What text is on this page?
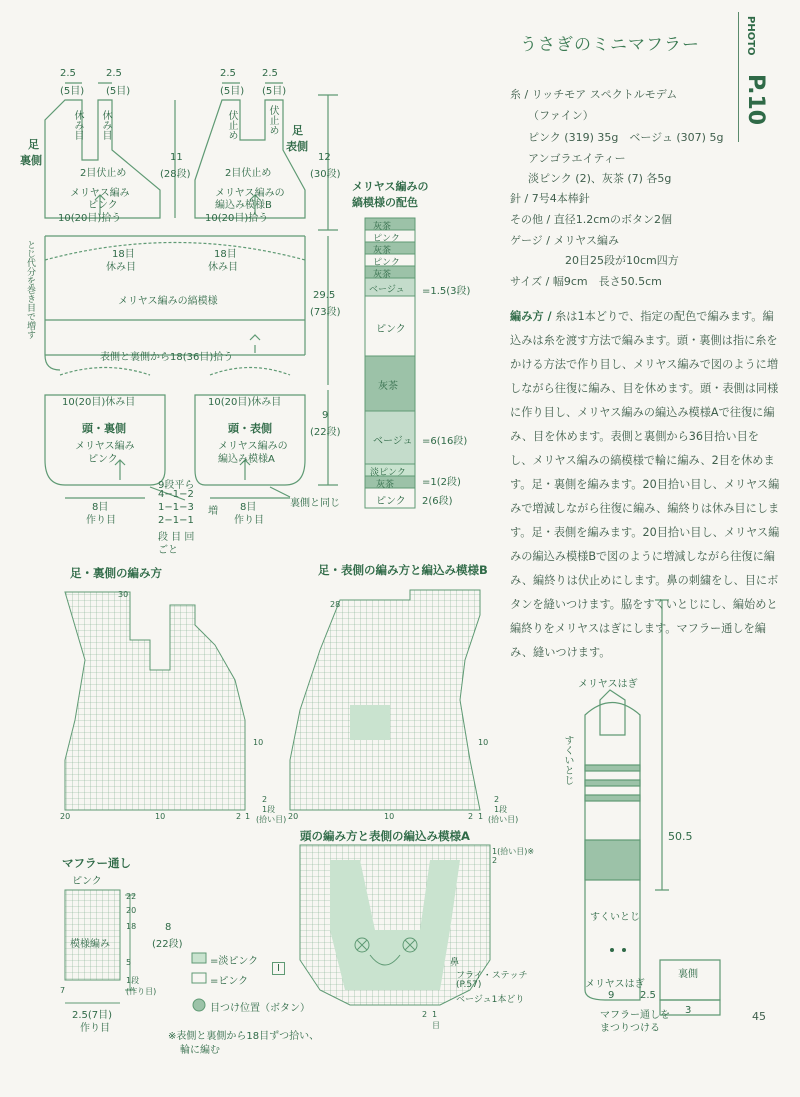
うさぎのミニマフラー	PHOTO
P.10
糸 / リッチモア スペクトルモデム
（ファイン）
ピンク (319) 35g　ベージュ (307) 5g
アンゴラエイティー
淡ピンク (2)、灰茶 (7) 各5g
針 / 7号4本棒針
その他 / 直径1.2cmのボタン2個
ゲージ / メリヤス編み
20目25段が10cm四方
サイズ / 幅9cm　長さ50.5cm
編み方 / 糸は1本どりで、指定の配色で編みます。編込みは糸を渡す方法で編みます。頭・裏側は指に糸をかける方法で作り目し、メリヤス編みで図のように増しながら往復に編み、目を休めます。頭・表側は同様に作り目し、メリヤス編みの編込み模様Aで往復に編み、目を休めます。表側と裏側から36目拾い目をし、メリヤス編みの縞模様で輪に編み、2目を休めます。足・裏側を編みます。20目拾い目し、メリヤス編みで増減しながら往復に編み、編終りは休み目にします。足・表側を編みます。20目拾い目し、メリヤス編みの編込み模様Bで図のように増減しながら往復に編み、編終りは伏止めにします。鼻の刺繍をし、目にボタンを縫いつけます。脇をすくいとじにし、編始めと編終りをメリヤスはぎにします。マフラー通しを編み、縫いつけます。
2.5
(5目)
2.5
(5目)
2.5
(5目)
2.5
(5目)
足
裏側
足
表側
休み目 休み目	伏止め	伏止め
2目伏止め	2目伏止め
メリヤス編み
ピンク
メリヤス編みの
編込み模様B
10(20目)拾う	10(20目)拾う
11
(28段)
12
(30段)
18目
休み目
18目
休み目
メリヤス編みの縞模様
29.5
(73段)
とじ代分を巻き目で増す
表側と裏側から18(36目)拾う
10(20目)休み目	10(20目)休み目
頭・裏側
メリヤス編み
ピンク
頭・表側
メリヤス編みの
編込み模様A
9
(22段)
9段平ら
4−1−2
1−1−3
2−1−1
段 目 回
ごと
増
8目
作り目
8目
作り目
裏側と同じ
メリヤス編みの
縞模様の配色
灰茶
ピンク
灰茶
ピンク
灰茶
ベージュ
ピンク
灰茶
ベージュ
淡ピンク
灰茶
ピンク
=1.5(3段)
=6(16段)
=1(2段)
2(6段)
足・裏側の編み方	足・表側の編み方と編込み模様B
頭の編み方と表側の編込み模様A
30
28
20	10	2 1
10
20	10	2 1
10
2
1段
(拾い目)
2
1段
(拾い目)
1(拾い目)※
2
鼻
フライ・ステッチ
(P.57)
ベージュ1本どり
2 1
目
マフラー通し
ピンク
模様編み
22
20
18
5
1段
(作り目)
7
8
(22段)
2.5(7目)
作り目
=淡ピンク
=ピンク
I
目つけ位置（ボタン）
※表側と裏側から18目ずつ拾い、
輪に編む
メリヤスはぎ
すくいとじ
50.5
すくいとじ
メリヤスはぎ
9
裏側
2.5
3
マフラー通しを
まつりつける
45
